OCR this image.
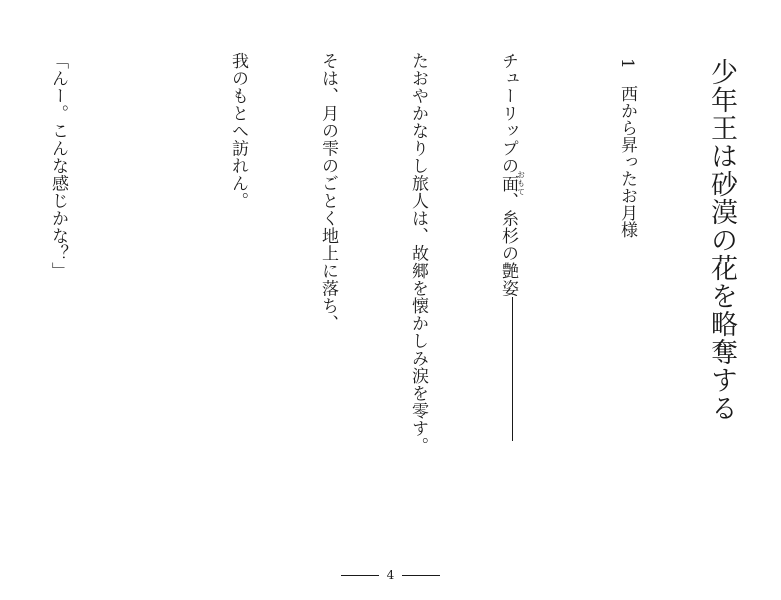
少年王は砂漠の花を略奪する
1西から昇ったお月様

チューリップの面おもて、糸杉の艶姿

たおやかなりし旅人は、故郷を懐かしみ涙を零す。

そは、月の雫のごとく地上に落ち、

我のもとへ訪れん。

「んー。こんな感じかな？」

4
